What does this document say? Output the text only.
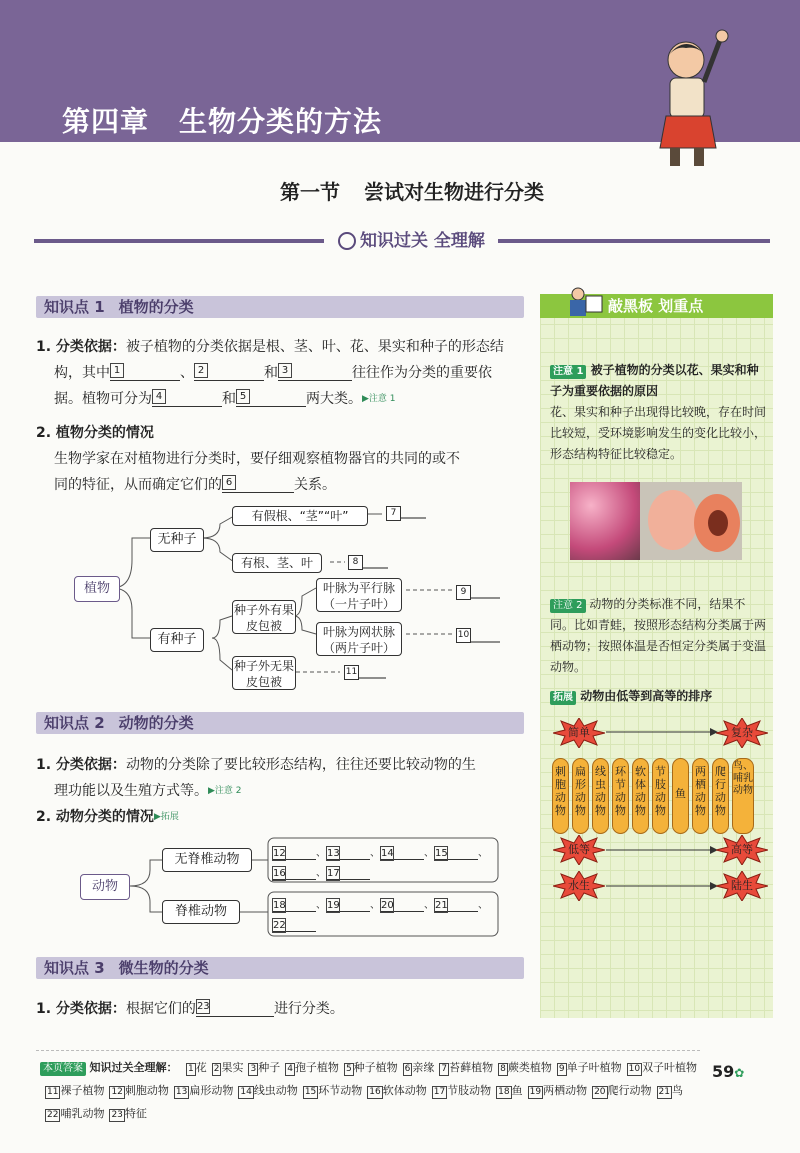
第四章 生物分类的方法
第一节 尝试对生物进行分类
知识过关 全理解
知识点 1 植物的分类
1. 分类依据：被子植物的分类依据是根、茎、叶、花、果实和种子的形态结
构，其中 1	、 2	和 3	往往作为分类的重要依
据。植物可分为 4	和 5	两大类。▶注意 1
2. 植物分类的情况
生物学家在对植物进行分类时，要仔细观察植物器官的共同的或不
同的特征，从而确定它们的 6	关系。
植物
无种子
有种子
有假根、“茎”“叶”
有根、茎、叶
种子外有果皮包被
种子外无果皮包被
叶脉为平行脉（一片子叶）
叶脉为网状脉（两片子叶）
7
8
9
10
11
知识点 2 动物的分类
1. 分类依据：动物的分类除了要比较形态结构，往往还要比较动物的生
理功能以及生殖方式等。▶注意 2
2. 动物分类的情况▶拓展
动物
无脊椎动物
脊椎动物
12	、 13	、 14	、 15	、

16	、 17
18	、 19	、 20	、 21	、

22
知识点 3 微生物的分类
1. 分类依据：根据它们的 23	进行分类。
敲黑板 划重点
注意 1 被子植物的分类以花、果实和种子为重要依据的原因
花、果实和种子出现得比较晚，存在时间比较短，受环境影响发生的变化比较小，形态结构特征比较稳定。
注意 2 动物的分类标准不同，结果不同。比如青蛙，按照形态结构分类属于两栖动物；按照体温是否恒定分类属于变温动物。
拓展 动物由低等到高等的排序
简单	复杂
低等	高等
水生	陆生
刺胞动物
扁形动物
线虫动物
环节动物
软体动物
节肢动物
鱼
两栖动物
爬行动物
鸟、哺乳动物
本页答案 知识过关全理解： 1 花 2 果实 3 种子 4 孢子植物 5 种子植物 6 亲缘 7 苔藓植物 8 蕨类植物 9 单子叶植物 10 双子叶植物11 裸子植物 12 刺胞动物 13 扁形动物 14 线虫动物 15 环节动物 16 软体动物 17 节肢动物 18 鱼 19 两栖动物 20 爬行动物 21 鸟22 哺乳动物 23 特征
59✿
